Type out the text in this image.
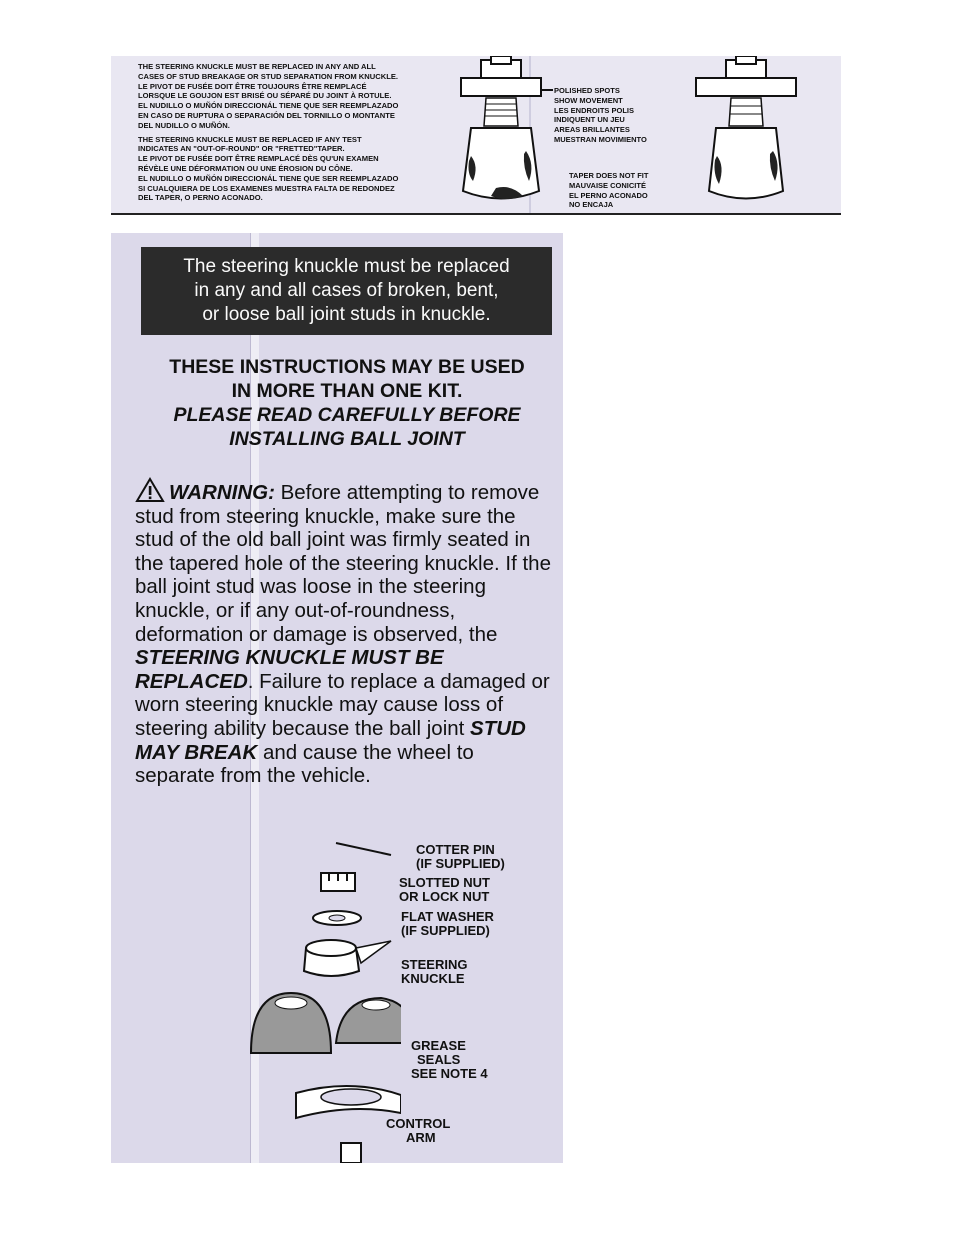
THE STEERING KNUCKLE MUST BE REPLACED IN ANY AND ALL
CASES OF STUD BREAKAGE OR STUD SEPARATION FROM KNUCKLE.
LE PIVOT DE FUSÉE DOIT ÊTRE TOUJOURS ÊTRE REMPLACÉ
LORSQUE LE GOUJON EST BRISÉ OU SÉPARÉ DU JOINT À ROTULE.
EL NUDILLO O MUÑÓN DIRECCIONÁL TIENE QUE SER REEMPLAZADO
EN CASO DE RUPTURA O SEPARACIÓN DEL TORNILLO O MONTANTE
DEL NUDILLO O MUÑÓN.

THE STEERING KNUCKLE MUST BE REPLACED IF ANY TEST
INDICATES AN "OUT-OF-ROUND" OR "FRETTED"TAPER.
LE PIVOT DE FUSÉE DOIT ÊTRE REMPLACÉ DÈS QU'UN EXAMEN
RÉVÈLE UNE DÉFORMATION OU UNE ÉROSION DU CÔNE.
EL NUDILLO O MUÑÓN DIRECCIONÁL TIENE QUE SER REEMPLAZADO
SI CUALQUIERA DE LOS EXAMENES MUESTRA FALTA DE REDONDEZ
DEL TAPER, O PERNO ACONADO.

POLISHED SPOTS
SHOW MOVEMENT
LES ENDROITS POLIS
INDIQUENT UN JEU
AREAS BRILLANTES
MUESTRAN MOVIMIENTO
TAPER DOES NOT FIT
MAUVAISE CONICITÉ
EL PERNO ACONADO
NO ENCAJA
The steering knuckle must be replaced
in any and all cases of broken, bent,
or loose ball joint studs in knuckle.
THESE INSTRUCTIONS MAY BE USED
IN MORE THAN ONE KIT.
PLEASE READ CAREFULLY BEFORE
INSTALLING BALL JOINT
WARNING: Before attempting to remove stud from steering knuckle, make sure the stud of the old ball joint was firmly seated in the tapered hole of the steering knuckle. If the ball joint stud was loose in the steering knuckle, or if any out-of-roundness, deformation or damage is observed, the STEERING KNUCKLE MUST BE REPLACED. Failure to replace a damaged or worn steering knuckle may cause loss of steering ability because the ball joint STUD MAY BREAK and cause the wheel to separate from the vehicle.
COTTER PIN
(IF SUPPLIED)
SLOTTED NUT
OR LOCK NUT
FLAT WASHER
(IF SUPPLIED)
STEERING
KNUCKLE
GREASE
SEALS
SEE NOTE 4
CONTROL
ARM
